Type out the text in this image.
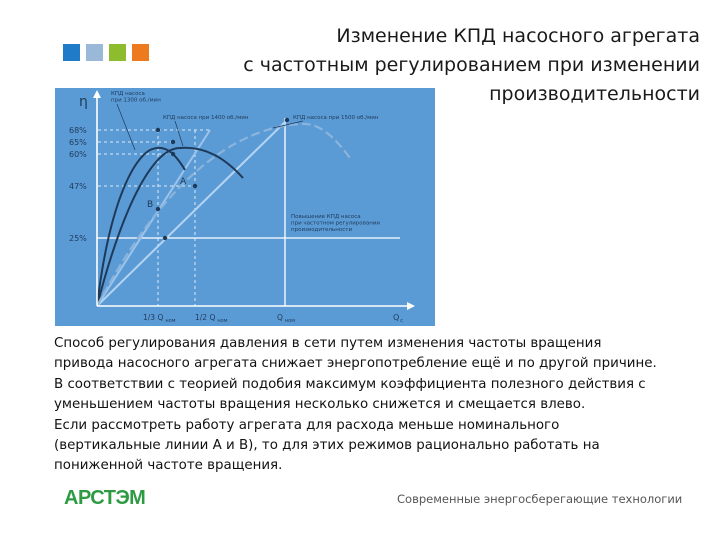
Изменение КПД насосного агрегата
с частотным регулированием при изменении
производительности
η
68%
65%
60%
47%
25%
1/3 Q $_{ном}$	1/2 Q $_{ном}$	Q $_{ном}$	$Q_c$
A
B
КПД насоса при 1300 об./мин
КПД насоса при 1400 об./мин	КПД насоса при 1500 об./мин
Повышение КПД насоса при частотном регулировании производительности
Способ регулирования давления в сети путем изменения частоты вращения
привода насосного агрегата снижает энергопотребление ещё и по другой причине.
В соответствии с теорией подобия максимум коэффициента полезного действия с
уменьшением частоты вращения несколько снижется и смещается влево.
Если рассмотреть работу агрегата для расхода меньше номинального
(вертикальные линии А и В), то для этих режимов рационально работать на
пониженной частоте вращения.
АРСТЭМ	Современные энергосберегающие технологии
